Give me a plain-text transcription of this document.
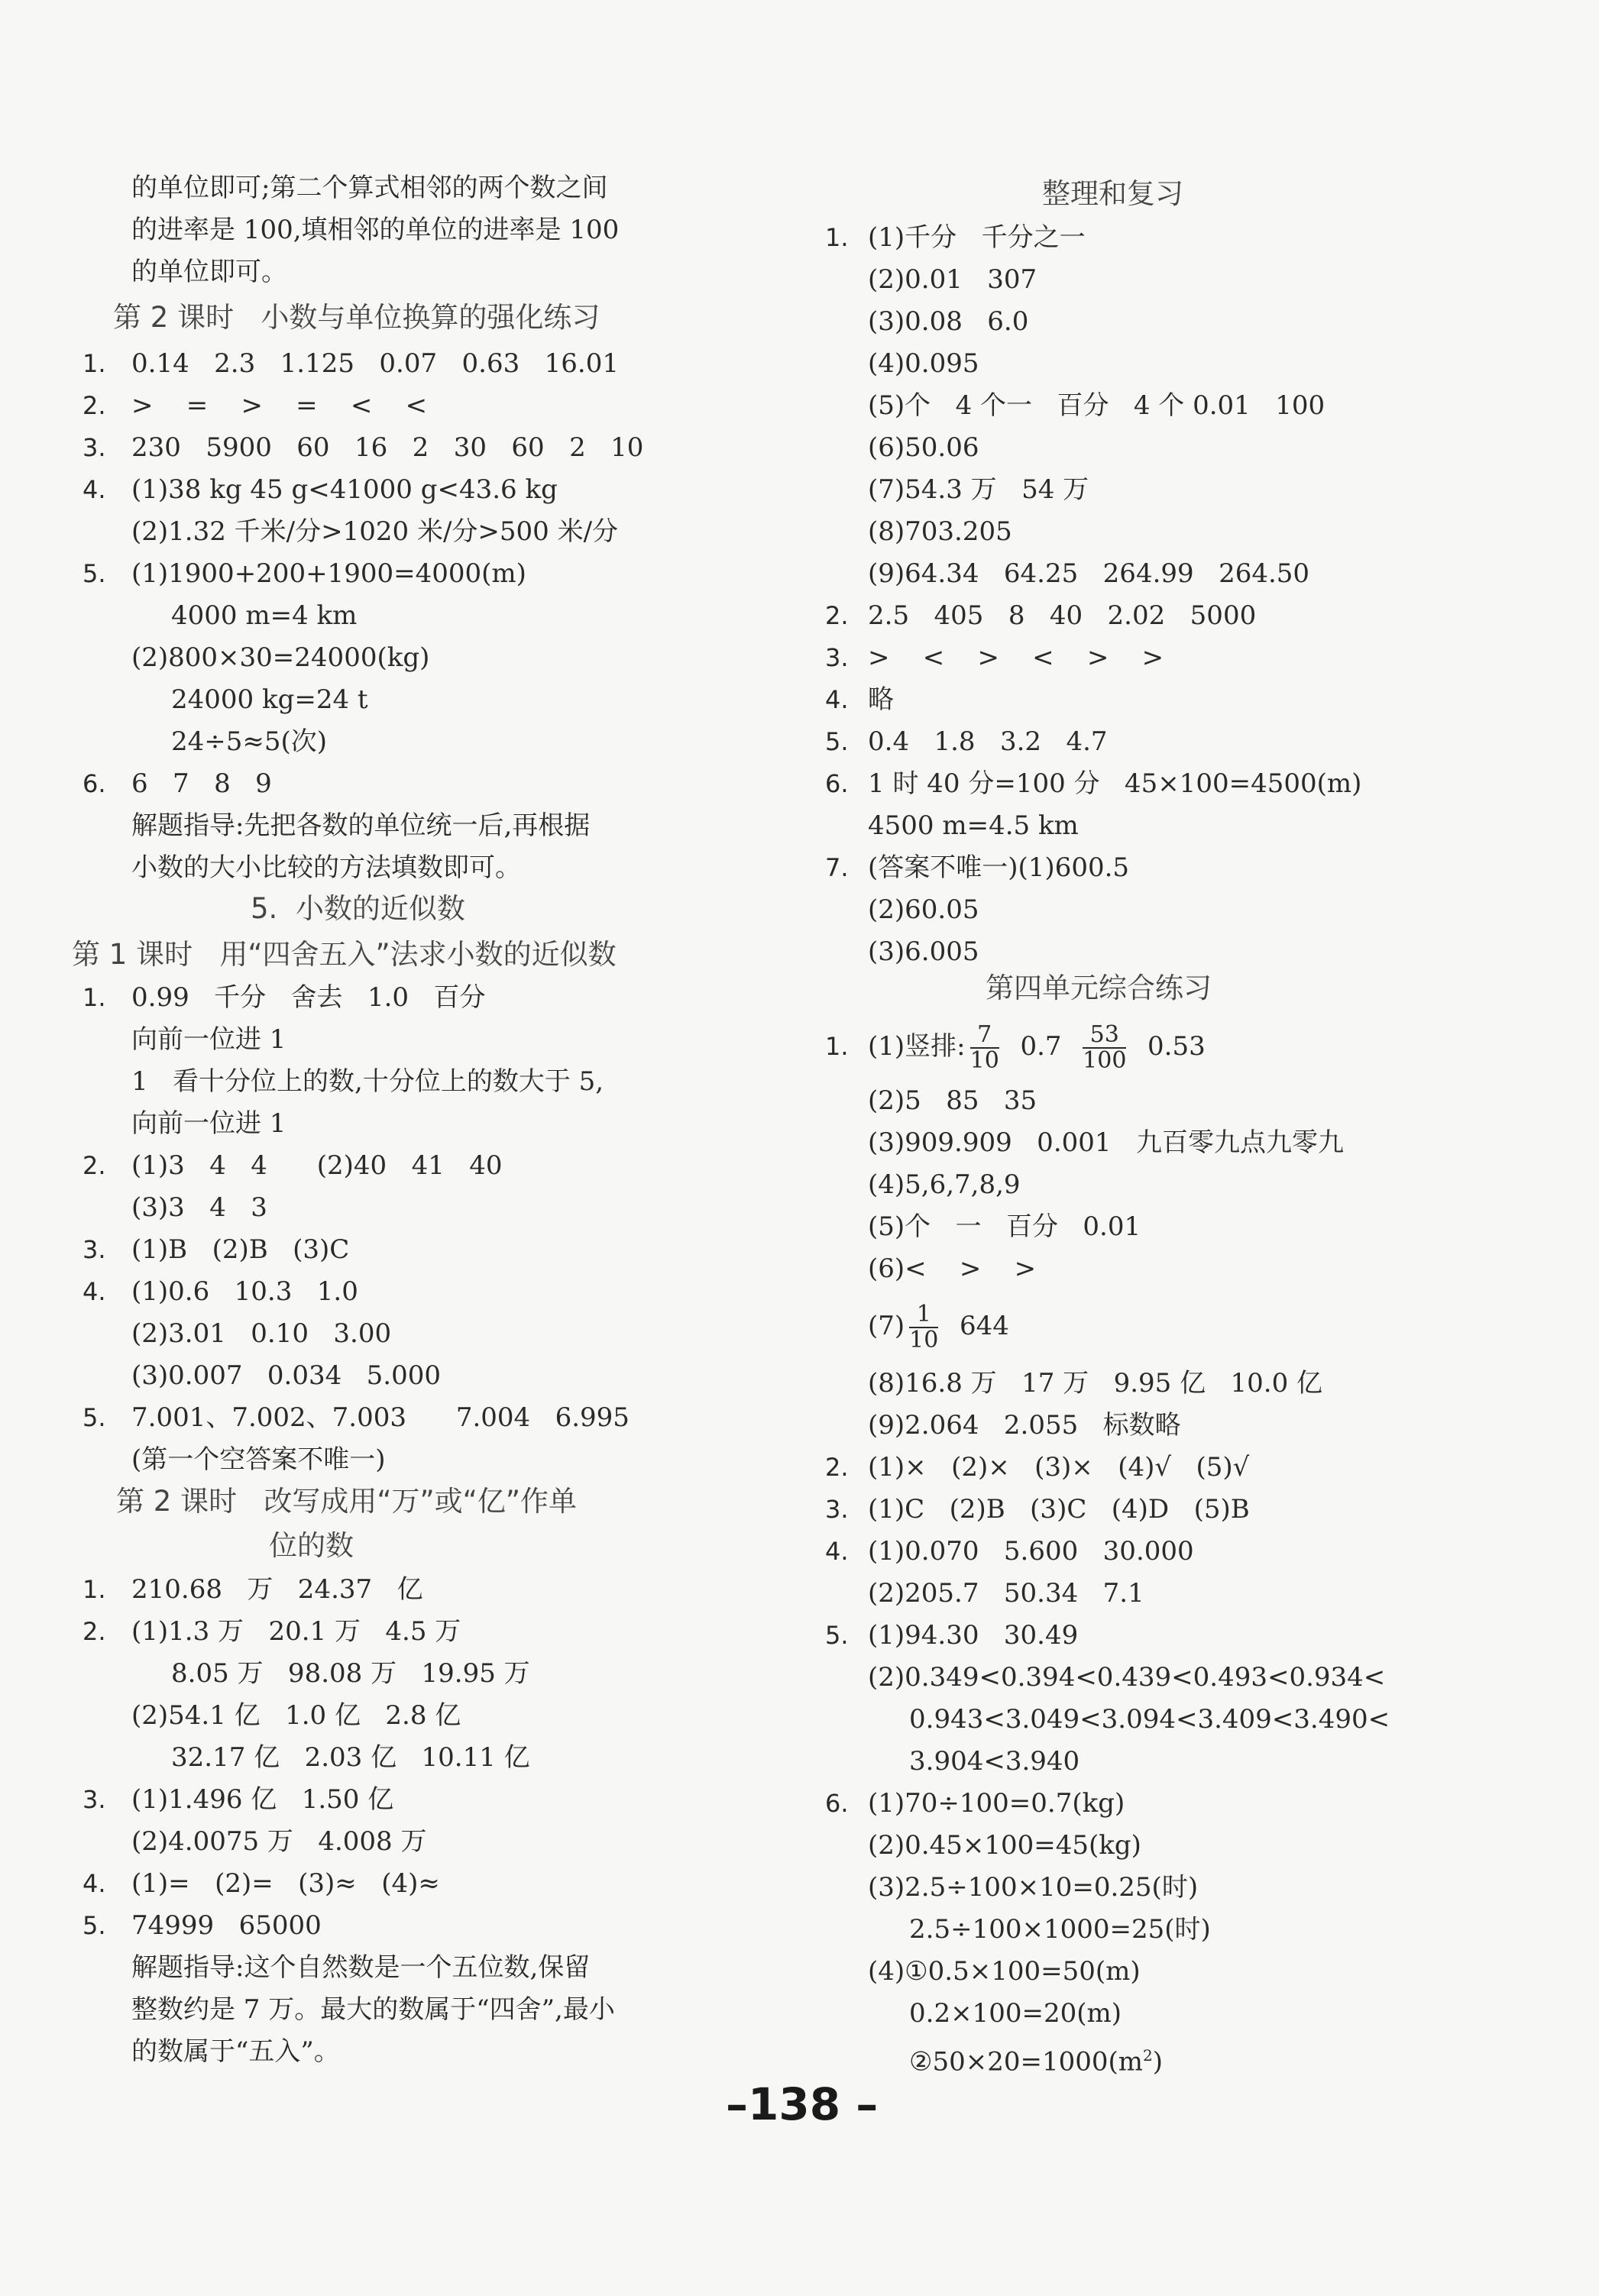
的单位即可;第二个算式相邻的两个数之间
的进率是 100,填相邻的单位的进率是 100
的单位即可。
第 2 课时   小数与单位换算的强化练习
1. 0.14   2.3   1.125   0.07   0.63   16.01
2. >    =    >    =    <    <
3. 230   5900   60   16   2   30   60   2   10
4. (1)38 kg 45 g<41000 g<43.6 kg
(2)1.32 千米/分>1020 米/分>500 米/分
5. (1)1900+200+1900=4000(m)
4000 m=4 km
(2)800×30=24000(kg)
24000 kg=24 t
24÷5≈5(次)
6. 6   7   8   9
解题指导:先把各数的单位统一后,再根据
小数的大小比较的方法填数即可。
5.  小数的近似数
第 1 课时   用“四舍五入”法求小数的近似数
1. 0.99   千分   舍去   1.0   百分
向前一位进 1
1   看十分位上的数,十分位上的数大于 5,
向前一位进 1
2. (1)3   4   4      (2)40   41   40
(3)3   4   3
3. (1)B   (2)B   (3)C
4. (1)0.6   10.3   1.0
(2)3.01   0.10   3.00
(3)0.007   0.034   5.000
5. 7.001、7.002、7.003      7.004   6.995
(第一个空答案不唯一)
第 2 课时   改写成用“万”或“亿”作单
位的数
1. 210.68   万   24.37   亿
2. (1)1.3 万   20.1 万   4.5 万
8.05 万   98.08 万   19.95 万
(2)54.1 亿   1.0 亿   2.8 亿
32.17 亿   2.03 亿   10.11 亿
3. (1)1.496 亿   1.50 亿
(2)4.0075 万   4.008 万
4. (1)=   (2)=   (3)≈   (4)≈
5. 74999   65000
解题指导:这个自然数是一个五位数,保留
整数约是 7 万。最大的数属于“四舍”,最小
的数属于“五入”。
整理和复习
1. (1)千分   千分之一
(2)0.01   307
(3)0.08   6.0
(4)0.095
(5)个   4 个一   百分   4 个 0.01   100
(6)50.06
(7)54.3 万   54 万
(8)703.205
(9)64.34   64.25   264.99   264.50
2. 2.5   405   8   40   2.02   5000
3. >    <    >    <    >    >
4. 略
5. 0.4   1.8   3.2   4.7
6. 1 时 40 分=100 分   45×100=4500(m)
4500 m=4.5 km
7. (答案不唯一)(1)600.5
(2)60.05
(3)6.005
第四单元综合练习
1. (1)竖排: $\frac{7}{10} 0.7 \frac{53}{100} 0.53$
(2)5   85   35
(3)909.909   0.001   九百零九点九零九
(4)5,6,7,8,9
(5)个   一   百分   0.01
(6)<    >    >
$(7) \frac{1}{10} 644$
(8)16.8 万   17 万   9.95 亿   10.0 亿
(9)2.064   2.055   标数略
2. (1)×   (2)×   (3)×   (4)√   (5)√
3. (1)C   (2)B   (3)C   (4)D   (5)B
4. (1)0.070   5.600   30.000
(2)205.7   50.34   7.1
5. (1)94.30   30.49
(2)0.349<0.394<0.439<0.493<0.934<
0.943<3.049<3.094<3.409<3.490<
3.904<3.940
6. (1)70÷100=0.7(kg)
(2)0.45×100=45(kg)
(3)2.5÷100×10=0.25(时)
2.5÷100×1000=25(时)
(4)①0.5×100=50(m)
0.2×100=20(m)
$②50\times 20=1000(m^2)$
–138 –
